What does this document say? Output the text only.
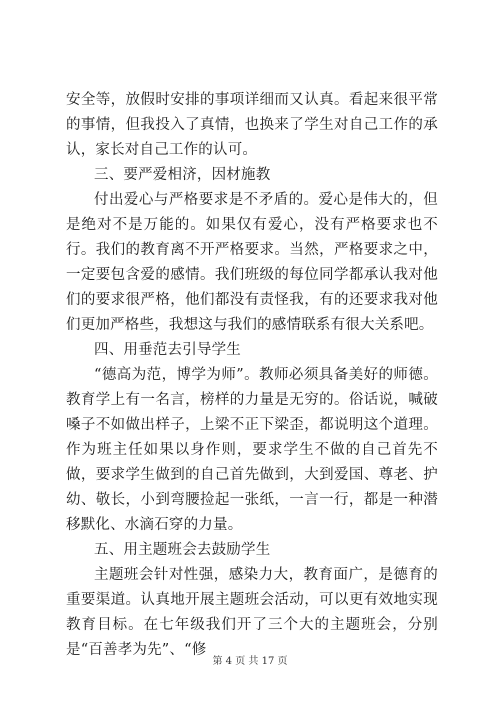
安全等，放假时安排的事项详细而又认真。看起来很平常的事情，但我投入了真情，也换来了学生对自己工作的承认，家长对自己工作的认可。

三、要严爱相济，因材施教

付出爱心与严格要求是不矛盾的。爱心是伟大的，但是绝对不是万能的。如果仅有爱心，没有严格要求也不行。我们的教育离不开严格要求。当然，严格要求之中，一定要包含爱的感情。我们班级的每位同学都承认我对他们的要求很严格，他们都没有责怪我，有的还要求我对他们更加严格些，我想这与我们的感情联系有很大关系吧。

四、用垂范去引导学生

“德高为范，博学为师”。教师必须具备美好的师德。教育学上有一名言，榜样的力量是无穷的。俗话说，喊破嗓子不如做出样子，上梁不正下梁歪，都说明这个道理。作为班主任如果以身作则，要求学生不做的自己首先不做，要求学生做到的自己首先做到，大到爱国、尊老、护幼、敬长，小到弯腰捡起一张纸，一言一行，都是一种潜移默化、水滴石穿的力量。

五、用主题班会去鼓励学生

主题班会针对性强，感染力大，教育面广，是德育的重要渠道。认真地开展主题班会活动，可以更有效地实现教育目标。在七年级我们开了三个大的主题班会，分别是“百善孝为先”、“修

第 4 页 共 17 页
